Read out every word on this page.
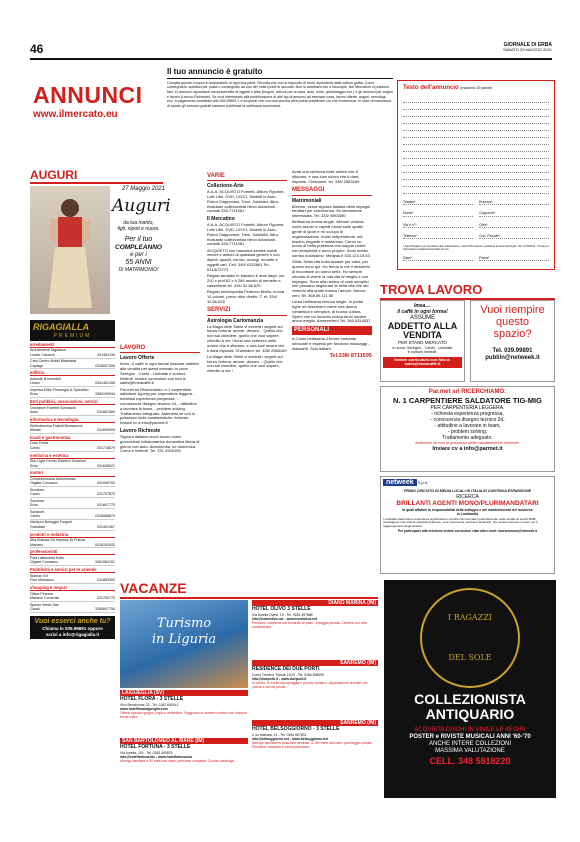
46	GIORNALE DI ERBA
SABATO 29 MAGGIO 2021
ANNUNCI
www.ilmercato.eu
Il tuo annuncio è gratuito
Compila questo coupon in stampatello in ogni sua parte. Ricorda che non si risponde di errori dipendenti dalla cattiva grafia. Come consegnarlo: spedisci per posta o consegnalo ad uno dei nostri punti di raccolta. Non si accettano fax o fotocopie. Nel Mercatino si possono fare 12 annunci riguardanti compravendite di oggetti e altro (furgoni, articoli per la casa, auto, moto, giardinaggio ecc.) e gli annunci per auguri e lavoro (Lavoro-Richieste). Se vuoi interessato alla pubblicazione di altri tipi di annunci ad esempio casa, lavoro offerte, auguri, necrologi, ecc. a pagamento contattaci allo 039.99891 1 e scoprirai che con una piccola cifra potrai pubblicare ciò che ti interessa. In caso di mancanza di spazio gli annunci gratuiti saranno pubblicati la settimana successiva.
Testo dell'annuncio (massimo 20 parole)
Testata*	Rubrica*
Nome*	Cognome*
Via e n°*	Città*
Telefono*	Cod. Fiscale*
* dati obbligatori per procedere alla pubblicazione. I dati NON saranno pubblicati ai sensi del Regol. UE n.679/2016 - Privacy la informativa completa disponibile sul sito
Data*	Firma*
AUGURI
27 Maggio 2021
Auguri
da tua marito,
figli, nipoti e nuora.
Per il tuo
COMPLEANNO
e per i
55 ANNI
DI MATRIMONIO!
RIGAGIALLA
PREMIUM
arredamenti
Arredamenti Tagliabue
Lurate Caccivio	031481135
Cam Centro Mobili Materassi
Capiago	0316097306
edilizia
Aziende B.Immobili
Lesco	0341481456
Impresa Edile Pessorgia & Spreafico
Erba	3384199944
Enti pubblici, associazioni, servizi
Onoranze Funebri Somaschi
Asso	031681569
informatica e tecnologia
Elettrotecnica Fratelli Bernasconi
Albiate	031695009
locali e gastronomia
Dolci Festa
Cantù	031716879
medicina e estetica
Sun Light Centro Estetico Solarium
Erba	031640621
motori
Concessionaria Autorimessa
Olgiate Comasco	031940763
Sunstore
Cantù	031707879
Sunstore
Erba	031647775
Sunstore
Cantù	0316988879
Vanityou Noleggio Furgoni
Grandate	031451467
prodotti e industria
Alta Brianza Srl Imprese Di Pulizia
Mariano	0316102933
professionisti
Riza Lattonieria Edile
Olgiate Comasco	3461084781
Pubblicità e servizi per le aziende
Sidman Srl
Fino Mornasco	031883393
shopping e negozi
Ottica Primma
Mariano Comense	031750779
Spazio Verde Sas
Cantù	3384647754
Vuoi esserci anche tu?
Chiama lo 039.99891 oppure
scrivi a info@rigagialla.it
LAVORO
Lavoro Offerte

Imea...il caffè in ogni forma! Assume addetto alla vendita per stand mercato in zona Seregno - Cantù - Limbiate e comuni limitrofi. Inviare curriculum con foto a: sales@imeacaffe.it

Par.met srl Ricerchiamo: n.1 carpentiere saldatore tig-mig per carpenteria leggera - richiesta esperienza pregressa, - conoscenza disegno tecnico 2d, - attitudine a lavorare in team, - problem solving. Trattamento adeguato. Astenersi se non in possesso delle caratteristiche richieste. Inviare cv a info@parmet.it

Lavoro Richieste

Signora italiana cerca lavoro come governante collaboratrice domestica libera di giorno con auto. Automunita, no domenica. Como e limitrofi. Tel. 331 2905108.

VARIE
Collezione-Arte

A.A.A. ACQUISTO Fumetti, Album Figurine, Lotti Libri, DVD, LEGO, Modelli in Auto, Robot Giapponesi, Treni, Soldatini, Altro, rivalutato collezionista rilevo dotazione - contatti 328-7711081

Il Mercatino

A.A.A. ACQUISTO Fumetti, Album Figurine, Lotti Libri, DVD, LEGO, Modelli in Auto, Robot Giapponesi, Treni, Soldatini, Altro, rivalutato collezionista rilevo dotazione - contatti 328-7711081

ACQUISTO con massima serietà mobili vecchi e antichi di qualsiasi genere e con dipinti, quadri, cornici, orologi, monete e oggetti vari. Cell. 349/ 6125861 Tel. 031/673773

Regalo armadio in frassino 6 ante largh. cm 292 x prof 62 x h 266 munito di servetto e cassettiere tel. 334/ 32.56.625

Regalo enciclopedia Federico Motta, nuova 14 volumi, prevo ritiro diretto. T. el. 334/ 32.56.625

SERVIZI
Astrologia Cartomanzia

La Maga delle Stelle vi svelerà i segreti sul futuro fortuna, amore, denaro... Quello che non sai chiedere, quello che vuoi sapere, chiedilo a me ! Avrai una certezza nelle ombre che ti sfiorano, e una luce sicura che ti darà risposta. Chiamami: tel. 338/ 2583169

La Maga delle Stelle vi svelerà i segreti sul futuro fortuna, amore, denaro... Quello che non sai chiedere, quello che vuoi sapere, chiedilo a me !

Avrai una certezza nelle ombre che ti sfiorano, e una luce sicura che ti darà risposta. Chiamami: tel. 338/ 2583169

MESSAGGI
Matrimoniali

60enne, cerca signora italiana dello impegni familiari per convivenza. Se seriamente interessata. Tel. 333/ 4983350

Bellissima donna single, 48enne vedova, occhi azzurri e capelli mossi sulle spalle, gente di sport e mi occupo di organizzazione, molto indipendente, dal fascino irrigante e misterioso. Cerco un uomo di bella presenza che sappia vivere con semplicità e amor proprio. Sono snella, sorriso dolcissimo. Medyas.it 333.123.15.63

Gilda. Nella vita nulla accade per caso, per questo sono qui. Ho fermo in me il desiderio di incontrare un uomo serio. Ho sempre cercato di vivere la mia vita al meglio e con impegno. Sono alla ricerca di cose semplici che possano migliorare la bella vita che sto vivendo alla quale manca l'amore. Amore-vero Tel. 368.89.111.55

Laura bellissima vedova single. In podre righe mi descriverò come una donna romantica e semplice, di buona cultura. Spero che un incontro possa farmi sentire ancor meglio. Amoreevero Tel. 346.5314637

PERSONALI

A Como bellissima 23enne orientale, sensuale e esperta per favolose massaggi - rilassanti. Solo italiani.

Tel.338/ 8711595
TROVA LAVORO
Imea....
il caffè in ogni forma!
ASSUME
ADDETTO ALLA
VENDITA
PER STAND MERCATO
in zona: Seregno - Cantù - Limbiate
e comuni limitrofi.
Inviare curriculum con foto a:
sales@imeacaffe.it
Vuoi riempire
questo
spazio?
Tel. 039.99891
publiin@netweek.it
Par.met srl RICERCHIAMO:
N. 1 CARPENTIERE SALDATORE TIG-MIG
PER CARPENTERIA LEGGERA.
- richiesta esperienza pregressa,
- conoscenza disegno tecnico 2d,
- attitudine a lavorare in team,
- problem solving.
Trattamento adeguato.
Astenersi se non in possesso delle caratteristiche richieste.
Inviare cv a info@parmet.it
netweek S.p.A.
PRIMO CIRCUITO DI MEDIA LOCALI IN ITALIA IN CONTINUA ESPANSIONE
RICERCA
BRILLANTI AGENTI MONO/PLURIMANDATARI
ai quali affidare la responsabilità della sviluppo e del mantenimento del business
in Lombardia
I candidati ideali hanno esperienza significativa in ambito commerciale (preferibilmente nelle vendite di servizi B2B), posseggono una propria capacità di ascolto, sono fortemente motivati e ambiziosi, che amano lavorare in team per il raggiungimento degli obiettivi.
Per partecipare alla selezione inviare curriculum vitae alla e-mail: risorseumane@netweek.it
VACANZE
Turismo
in Liguria
LAIGUEGLIA (SV)
HOTEL FLORA - 3 STELLE
Vico Berninzone 23 - Tel. 0182 690141
www.hotelfloralaigueglia.com
Offerte speciali giugno, luglio e settembre. Soggiorno in camera comfort con balcone fronte mare.
SAN BARTOLOMEO AL MARE (IM)
HOTEL FORTUNA - 3 STELLE
Via Aurelia, 119 - Tel. 0183 400875
info@hotelfortuna.biz - www.hotelfortuna.biz
Albergo familiare a 50 metri dal mare, pensione completa. Cucina casalinga.
DIANO MARINA (IM)
HOTEL OLIVO 3 STELLE
Via Aurelia Ovest, 19 - Tel. 0183 497888
info@hotelolivo.net - www.hotelolivo.net
Pensione completa con bevande ai pasti - spiaggia privata. Camere con aria condizionata.
SANREMO (IM)
RESIDENCE DEI DUE PORTI
Corso Trento e Trieste 21/23 - Tel. 0184 508599
info@dueporti.it - www.dueporti.it
In centro, di fronte alla spiaggia e al porto turistico. Appartamenti arredati con cucina e servizi privati.
SANREMO (IM)
HOTEL BELSOGGIORNO - 3 STELLE
C.so Matuzia, 41 - Tel. 0184 667631
info@belsoggiorno.net - www.belsoggiorno.net
Albergo familiare in posizione centrale, a 150 metri dal mare, parcheggio privato. Pensione completa o mezza pensione.
I RAGAZZI
DEL SOLE
COLLEZIONISTA
ANTIQUARIO
ACQUISTA DISCHI IN VINILE LP 45 GIRI
POSTER e RIVISTE MUSICALI ANNI '60-'70
ANCHE INTERE COLLEZIONI
MASSIMA VALUTAZIONE
CELL. 348 5818220
